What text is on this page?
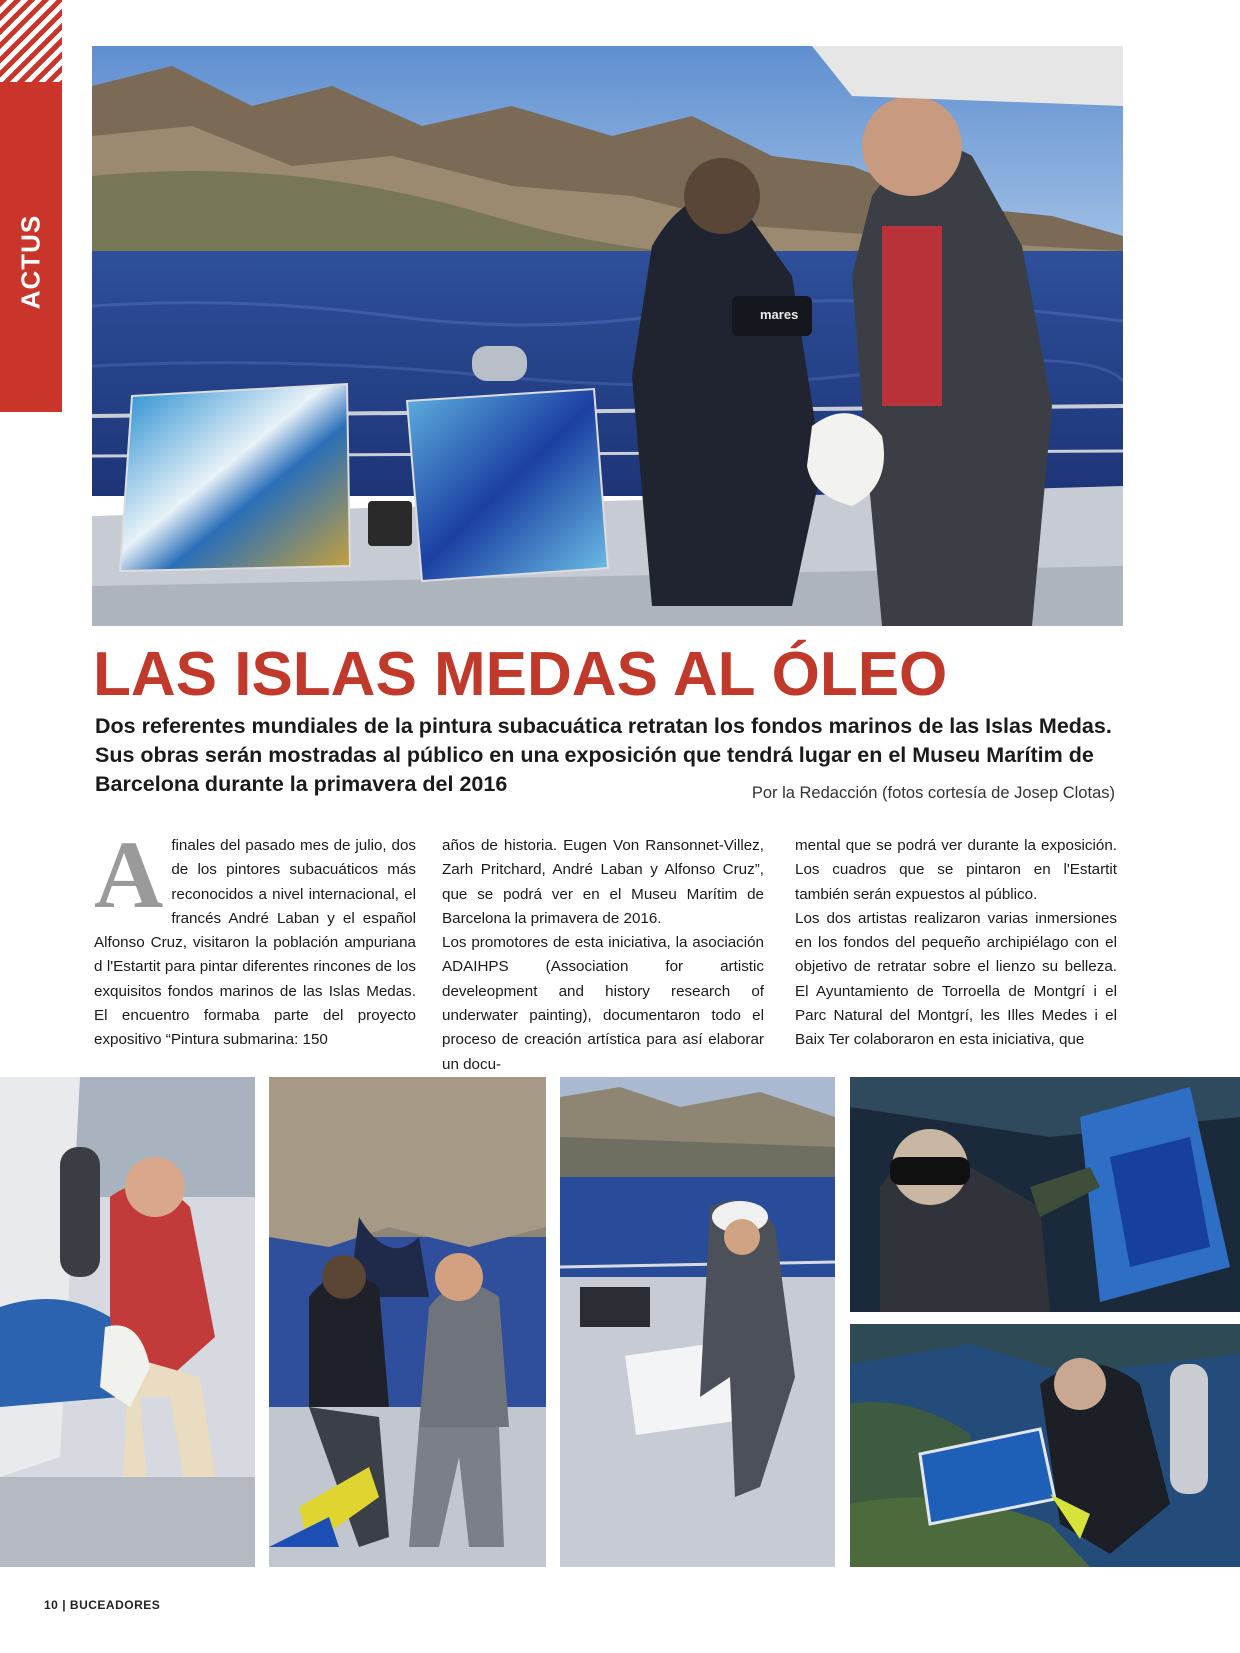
ACTUS
mares
LAS ISLAS MEDAS AL ÓLEO

Dos referentes mundiales de la pintura subacuática retratan los fondos marinos de las Islas Medas. Sus obras serán mostradas al público en una exposición que tendrá lugar en el Museu Marítim de Barcelona durante la primavera del 2016	Por la Redacción (fotos cortesía de Josep Clotas)
A finales del pasado mes de julio, dos de los pintores subacuáticos más reconocidos a nivel internacional, el francés André Laban y el español Alfonso Cruz, visitaron la población ampuriana d l'Estartit para pintar diferentes rincones de los exquisitos fondos marinos de las Islas Medas. El encuentro formaba parte del proyecto expositivo “Pintura submarina: 150

años de historia. Eugen Von Ransonnet-Villez, Zarh Pritchard, André Laban y Alfonso Cruz”, que se podrá ver en el Museu Marítim de Barcelona la primavera de 2016.

Los promotores de esta iniciativa, la asociación ADAIHPS (Association for artistic develeopment and history research of underwater painting), documentaron todo el proceso de creación artística para así elaborar un docu-

mental que se podrá ver durante la exposición. Los cuadros que se pintaron en l'Estartit también serán expuestos al público.

Los dos artistas realizaron varias inmersiones en los fondos del pequeño archipiélago con el objetivo de retratar sobre el lienzo su belleza. El Ayuntamiento de Torroella de Montgrí i el Parc Natural del Montgrí, les Illes Medes i el Baix Ter colaboraron en esta iniciativa, que

10 | BUCEADORES
